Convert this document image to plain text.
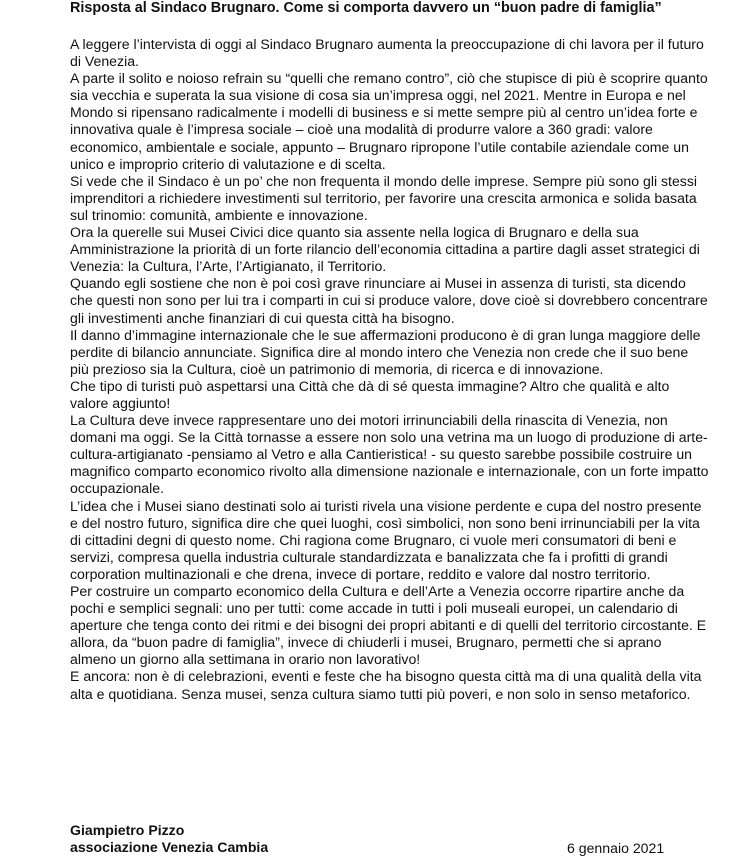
Risposta al Sindaco Brugnaro. Come si comporta davvero un “buon padre di famiglia”

A leggere l’intervista di oggi al Sindaco Brugnaro aumenta la preoccupazione di chi lavora per il futuro di Venezia.

A parte il solito e noioso refrain su “quelli che remano contro”, ciò che stupisce di più è scoprire quanto sia vecchia e superata la sua visione di cosa sia un’impresa oggi, nel 2021. Mentre in Europa e nel Mondo si ripensano radicalmente i modelli di business e si mette sempre più al centro un’idea forte e innovativa quale è l’impresa sociale – cioè una modalità di produrre valore a 360 gradi: valore economico, ambientale e sociale, appunto – Brugnaro ripropone l’utile contabile aziendale come un unico e improprio criterio di valutazione e di scelta.

Si vede che il Sindaco è un po’ che non frequenta il mondo delle imprese. Sempre più sono gli stessi imprenditori a richiedere investimenti sul territorio, per favorire una crescita armonica e solida basata sul trinomio: comunità, ambiente e innovazione.

Ora la querelle sui Musei Civici dice quanto sia assente nella logica di Brugnaro e della sua Amministrazione la priorità di un forte rilancio dell’economia cittadina a partire dagli asset strategici di Venezia: la Cultura, l’Arte, l’Artigianato, il Territorio.

Quando egli sostiene che non è poi così grave rinunciare ai Musei in assenza di turisti, sta dicendo che questi non sono per lui tra i comparti in cui si produce valore, dove cioè si dovrebbero concentrare gli investimenti anche finanziari di cui questa città ha bisogno.

Il danno d’immagine internazionale che le sue affermazioni producono è di gran lunga maggiore delle perdite di bilancio annunciate. Significa dire al mondo intero che Venezia non crede che il suo bene più prezioso sia la Cultura, cioè un patrimonio di memoria, di ricerca e di innovazione.

Che tipo di turisti può aspettarsi una Città che dà di sé questa immagine? Altro che qualità e alto valore aggiunto!

La Cultura deve invece rappresentare uno dei motori irrinunciabili della rinascita di Venezia, non domani ma oggi. Se la Città tornasse a essere non solo una vetrina ma un luogo di produzione di arte-cultura-artigianato -pensiamo al Vetro e alla Cantieristica! - su questo sarebbe possibile costruire un magnifico comparto economico rivolto alla dimensione nazionale e internazionale, con un forte impatto occupazionale.

L’idea che i Musei siano destinati solo ai turisti rivela una visione perdente e cupa del nostro presente e del nostro futuro, significa dire che quei luoghi, così simbolici, non sono beni irrinunciabili per la vita di cittadini degni di questo nome. Chi ragiona come Brugnaro, ci vuole meri consumatori di beni e servizi, compresa quella industria culturale standardizzata e banalizzata che fa i profitti di grandi corporation multinazionali e che drena, invece di portare, reddito e valore dal nostro territorio.

Per costruire un comparto economico della Cultura e dell’Arte a Venezia occorre ripartire anche da pochi e semplici segnali: uno per tutti: come accade in tutti i poli museali europei, un calendario di aperture che tenga conto dei ritmi e dei bisogni dei propri abitanti e di quelli del territorio circostante. E allora, da “buon padre di famiglia”, invece di chiuderli i musei, Brugnaro, permetti che si aprano almeno un giorno alla settimana in orario non lavorativo!

E ancora: non è di celebrazioni, eventi e feste che ha bisogno questa città ma di una qualità della vita alta e quotidiana. Senza musei, senza cultura siamo tutti più poveri, e non solo in senso metaforico.

Giampietro Pizzo
associazione Venezia Cambia	6 gennaio 2021
